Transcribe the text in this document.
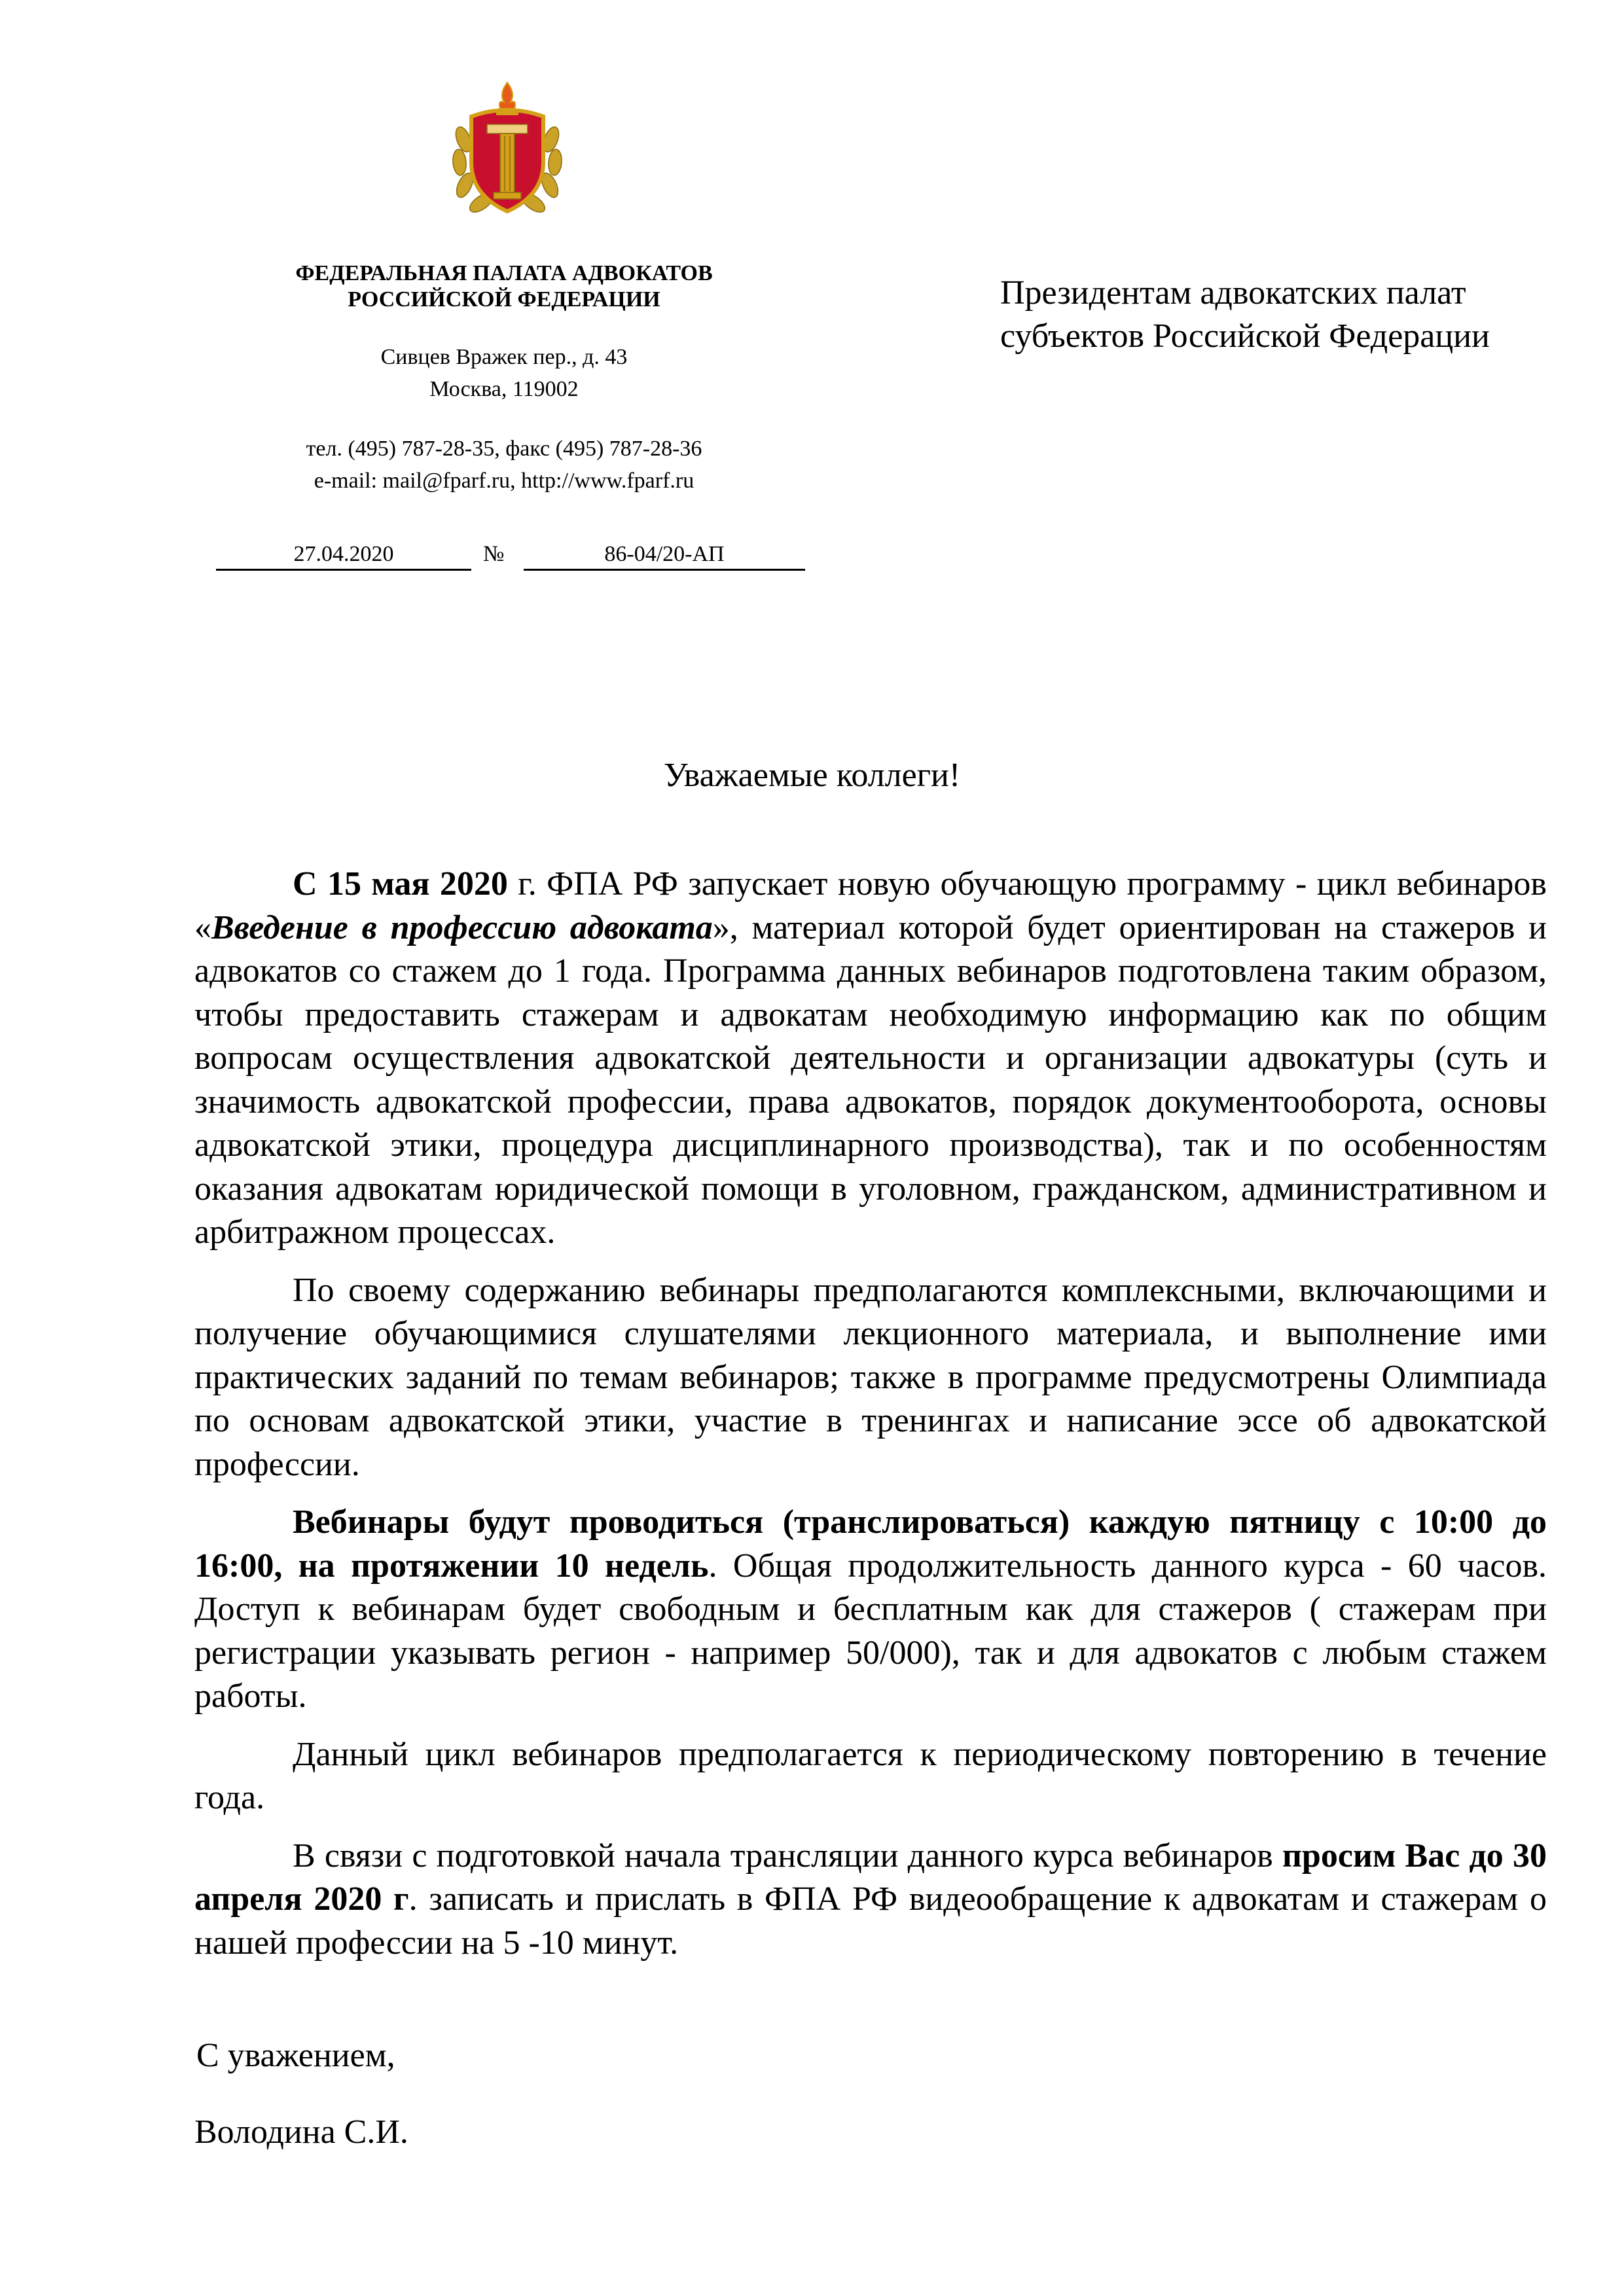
ФЕДЕРАЛЬНАЯ ПАЛАТА АДВОКАТОВ
РОССИЙСКОЙ ФЕДЕРАЦИИ
Сивцев Вражек пер., д. 43
Москва, 119002
тел. (495) 787-28-35, факс (495) 787-28-36
e-mail: mail@fparf.ru, http://www.fparf.ru
27.04.2020	№	86-04/20-АП
Президентам адвокатских палат
субъектов Российской Федерации
Уважаемые коллеги!

С 15 мая 2020 г. ФПА РФ запускает новую обучающую программу - цикл вебинаров «Введение в профессию адвоката», материал которой будет ориентирован на стажеров и адвокатов со стажем до 1 года. Программа данных вебинаров подготовлена таким образом, чтобы предоставить стажерам и адвокатам необходимую информацию как по общим вопросам осуществления адвокатской деятельности и организации адвокатуры (суть и значимость адвокатской профессии, права адвокатов, порядок документооборота, основы адвокатской этики, процедура дисциплинарного производства), так и по особенностям оказания адвокатам юридической помощи в уголовном, гражданском, административном и арбитражном процессах.

По своему содержанию вебинары предполагаются комплексными, включающими и получение обучающимися слушателями лекционного материала, и выполнение ими практических заданий по темам вебинаров; также в программе предусмотрены Олимпиада по основам адвокатской этики, участие в тренингах и написание эссе об адвокатской профессии.

Вебинары будут проводиться (транслироваться) каждую пятницу с 10:00 до 16:00, на протяжении 10 недель. Общая продолжительность данного курса - 60 часов. Доступ к вебинарам будет свободным и бесплатным как для стажеров ( стажерам при регистрации указывать регион - например 50/000), так и для адвокатов с любым стажем работы.

Данный цикл вебинаров предполагается к периодическому повторению в течение года.

В связи с подготовкой начала трансляции данного курса вебинаров просим Вас до 30 апреля 2020 г. записать и прислать в ФПА РФ видеообращение к адвокатам и стажерам о нашей профессии на 5 -10 минут.

С уважением,
Володина С.И.
